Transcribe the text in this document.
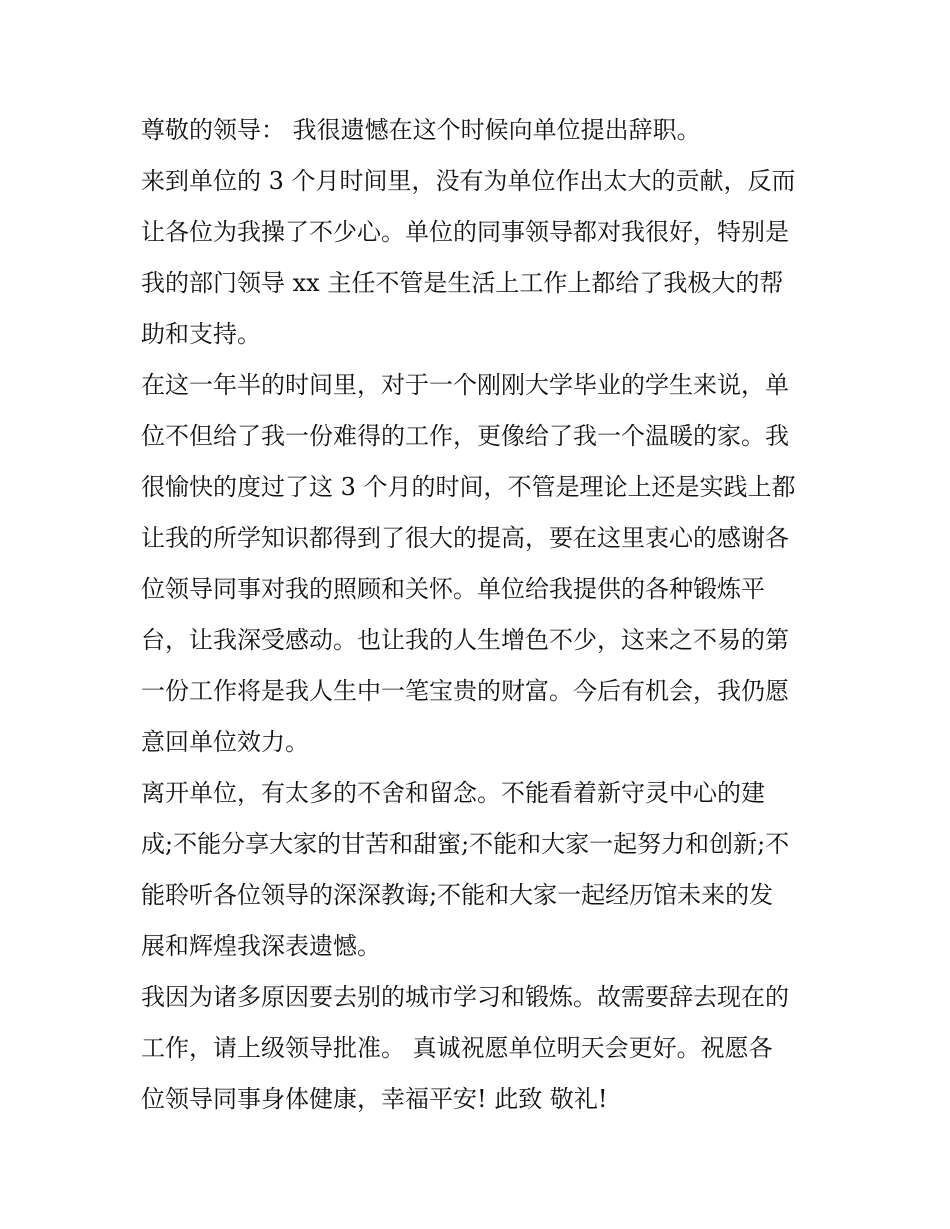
尊敬的领导： 我很遗憾在这个时候向单位提出辞职。
来到单位的 3 个月时间里，没有为单位作出太大的贡献，反而
让各位为我操了不少心。单位的同事领导都对我很好，特别是
我的部门领导 xx 主任不管是生活上工作上都给了我极大的帮
助和支持。
在这一年半的时间里，对于一个刚刚大学毕业的学生来说，单
位不但给了我一份难得的工作，更像给了我一个温暖的家。我
很愉快的度过了这 3 个月的时间，不管是理论上还是实践上都
让我的所学知识都得到了很大的提高，要在这里衷心的感谢各
位领导同事对我的照顾和关怀。单位给我提供的各种锻炼平
台，让我深受感动。也让我的人生增色不少，这来之不易的第
一份工作将是我人生中一笔宝贵的财富。今后有机会，我仍愿
意回单位效力。
离开单位，有太多的不舍和留念。不能看着新守灵中心的建
成;不能分享大家的甘苦和甜蜜;不能和大家一起努力和创新;不
能聆听各位领导的深深教诲;不能和大家一起经历馆未来的发
展和辉煌我深表遗憾。
我因为诸多原因要去别的城市学习和锻炼。故需要辞去现在的
工作，请上级领导批准。 真诚祝愿单位明天会更好。祝愿各
位领导同事身体健康，幸福平安! 此致 敬礼!
